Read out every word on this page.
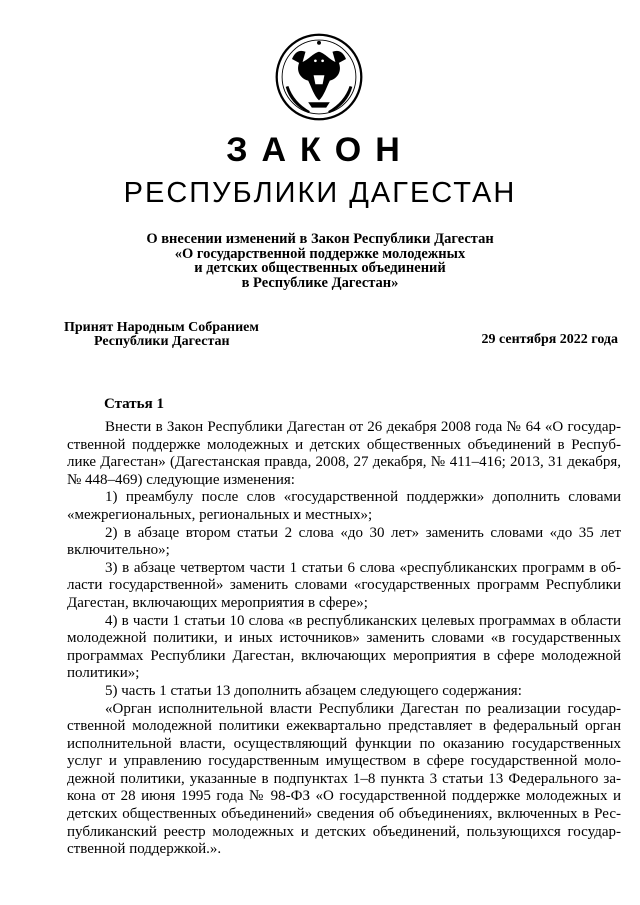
ЗАКОН
РЕСПУБЛИКИ ДАГЕСТАН
О внесении изменений в Закон Республики Дагестан
«О государственной поддержке молодежных
и детских общественных объединений
в Республике Дагестан»
Принят Народным Собранием
Республики Дагестан	29 сентября 2022 года
Статья 1

Внести в Закон Республики Дагестан от 26 декабря 2008 года № 64 «О государственной поддержке молодежных и детских общественных объединений в Республике Дагестан» (Дагестанская правда, 2008, 27 декабря, № 411–416; 2013, 31 декабря, № 448–469) следующие изменения:

1) преамбулу после слов «государственной поддержки» дополнить словами «межрегиональных, региональных и местных»;

2) в абзаце втором статьи 2 слова «до 30 лет» заменить словами «до 35 лет включительно»;

3) в абзаце четвертом части 1 статьи 6 слова «республиканских программ в области государственной» заменить словами «государственных программ Республики Дагестан, включающих мероприятия в сфере»;

4) в части 1 статьи 10 слова «в республиканских целевых программах в области молодежной политики, и иных источников» заменить словами «в государственных программах Республики Дагестан, включающих мероприятия в сфере молодежной политики»;

5) часть 1 статьи 13 дополнить абзацем следующего содержания:

«Орган исполнительной власти Республики Дагестан по реализации государственной молодежной политики ежеквартально представляет в федеральный орган исполнительной власти, осуществляющий функции по оказанию государственных услуг и управлению государственным имуществом в сфере государственной молодежной политики, указанные в подпунктах 1–8 пункта 3 статьи 13 Федерального закона от 28 июня 1995 года № 98-ФЗ «О государственной поддержке молодежных и детских общественных объединений» сведения об объединениях, включенных в Республиканский реестр молодежных и детских объединений, пользующихся государственной поддержкой.».
